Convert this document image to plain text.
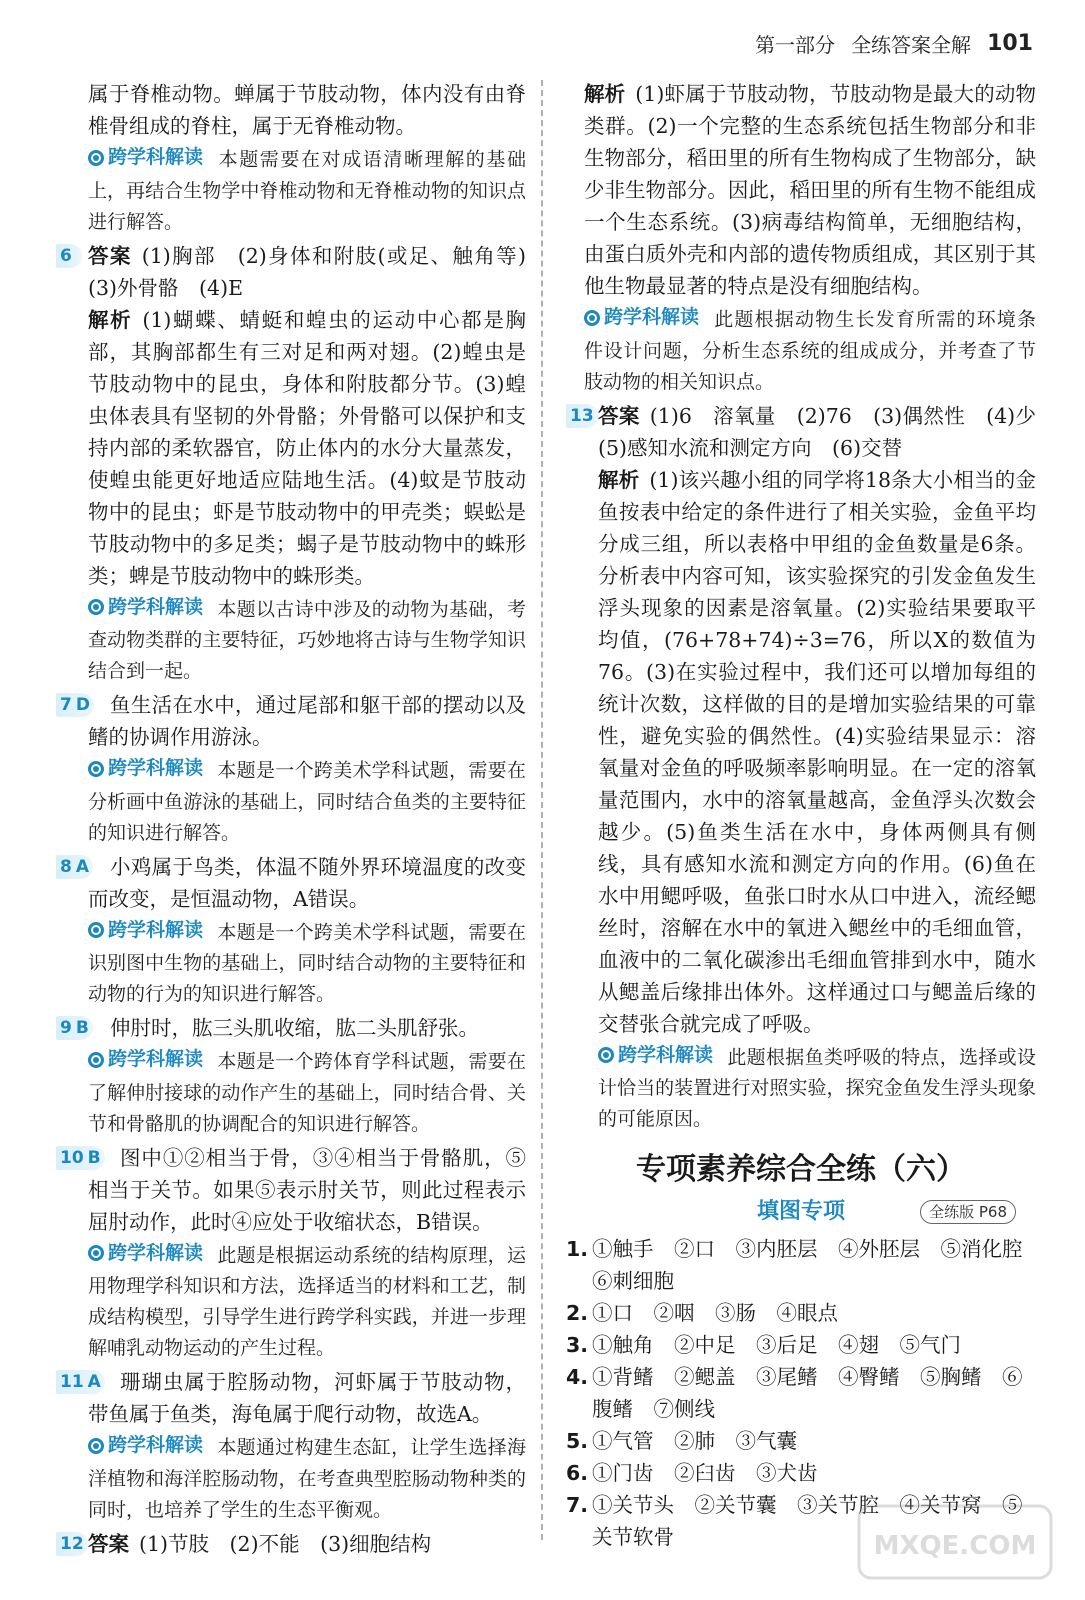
第一部分 全练答案全解 101
属于脊椎动物。蝉属于节肢动物，体内没有由脊椎骨组成的脊柱，属于无脊椎动物。
跨学科解读 本题需要在对成语清晰理解的基础上，再结合生物学中脊椎动物和无脊椎动物的知识点进行解答。
6 答案 (1)胸部　(2)身体和附肢(或足、触角等)　(3)外骨骼　(4)E
解析 (1)蝴蝶、蜻蜓和蝗虫的运动中心都是胸部，其胸部都生有三对足和两对翅。(2)蝗虫是节肢动物中的昆虫，身体和附肢都分节。(3)蝗虫体表具有坚韧的外骨骼；外骨骼可以保护和支持内部的柔软器官，防止体内的水分大量蒸发，使蝗虫能更好地适应陆地生活。(4)蚊是节肢动物中的昆虫；虾是节肢动物中的甲壳类；蜈蚣是节肢动物中的多足类；蝎子是节肢动物中的蛛形类；蜱是节肢动物中的蛛形类。
跨学科解读 本题以古诗中涉及的动物为基础，考查动物类群的主要特征，巧妙地将古诗与生物学知识结合到一起。
7 D 鱼生活在水中，通过尾部和躯干部的摆动以及鳍的协调作用游泳。
跨学科解读 本题是一个跨美术学科试题，需要在分析画中鱼游泳的基础上，同时结合鱼类的主要特征的知识进行解答。
8 A	小鸡属于鸟类，体温不随外界环境温度的改变而改变，是恒温动物，A错误。
跨学科解读 本题是一个跨美术学科试题，需要在识别图中生物的基础上，同时结合动物的主要特征和动物的行为的知识进行解答。
9 B	伸肘时，肱三头肌收缩，肱二头肌舒张。
跨学科解读 本题是一个跨体育学科试题，需要在了解伸肘接球的动作产生的基础上，同时结合骨、关节和骨骼肌的协调配合的知识进行解答。
10 B 图中①②相当于骨，③④相当于骨骼肌，⑤相当于关节。如果⑤表示肘关节，则此过程表示屈肘动作，此时④应处于收缩状态，B错误。
跨学科解读 此题是根据运动系统的结构原理，运用物理学科知识和方法，选择适当的材料和工艺，制成结构模型，引导学生进行跨学科实践，并进一步理解哺乳动物运动的产生过程。
11 A 珊瑚虫属于腔肠动物，河虾属于节肢动物，带鱼属于鱼类，海龟属于爬行动物，故选A。
跨学科解读 本题通过构建生态缸，让学生选择海洋植物和海洋腔肠动物，在考查典型腔肠动物种类的同时，也培养了学生的生态平衡观。
12 答案 (1)节肢　(2)不能　(3)细胞结构
解析 (1)虾属于节肢动物，节肢动物是最大的动物类群。(2)一个完整的生态系统包括生物部分和非生物部分，稻田里的所有生物构成了生物部分，缺少非生物部分。因此，稻田里的所有生物不能组成一个生态系统。(3)病毒结构简单，无细胞结构，由蛋白质外壳和内部的遗传物质组成，其区别于其他生物最显著的特点是没有细胞结构。
跨学科解读 此题根据动物生长发育所需的环境条件设计问题，分析生态系统的组成成分，并考查了节肢动物的相关知识点。
13 答案 (1)6　溶氧量　(2)76　(3)偶然性　(4)少　(5)感知水流和测定方向　(6)交替
解析 (1)该兴趣小组的同学将18条大小相当的金鱼按表中给定的条件进行了相关实验，金鱼平均分成三组，所以表格中甲组的金鱼数量是6条。分析表中内容可知，该实验探究的引发金鱼发生浮头现象的因素是溶氧量。(2)实验结果要取平均值，(76+78+74)÷3=76，所以X的数值为76。(3)在实验过程中，我们还可以增加每组的统计次数，这样做的目的是增加实验结果的可靠性，避免实验的偶然性。(4)实验结果显示：溶氧量对金鱼的呼吸频率影响明显。在一定的溶氧量范围内，水中的溶氧量越高，金鱼浮头次数会越少。(5)鱼类生活在水中，身体两侧具有侧线，具有感知水流和测定方向的作用。(6)鱼在水中用鳃呼吸，鱼张口时水从口中进入，流经鳃丝时，溶解在水中的氧进入鳃丝中的毛细血管，血液中的二氧化碳渗出毛细血管排到水中，随水从鳃盖后缘排出体外。这样通过口与鳃盖后缘的交替张合就完成了呼吸。
跨学科解读 此题根据鱼类呼吸的特点，选择或设计恰当的装置进行对照实验，探究金鱼发生浮头现象的可能原因。
专项素养综合全练（六）
填图专项	全练版 P68
1. ①触手　②口　③内胚层　④外胚层　⑤消化腔　⑥刺细胞
2. ①口　②咽　③肠　④眼点
3. ①触角　②中足　③后足　④翅　⑤气门
4. ①背鳍　②鳃盖　③尾鳍　④臀鳍　⑤胸鳍　⑥腹鳍　⑦侧线
5. ①气管　②肺　③气囊
6. ①门齿　②臼齿　③犬齿
7. ①关节头　②关节囊　③关节腔　④关节窝　⑤关节软骨	MXQE.COM
